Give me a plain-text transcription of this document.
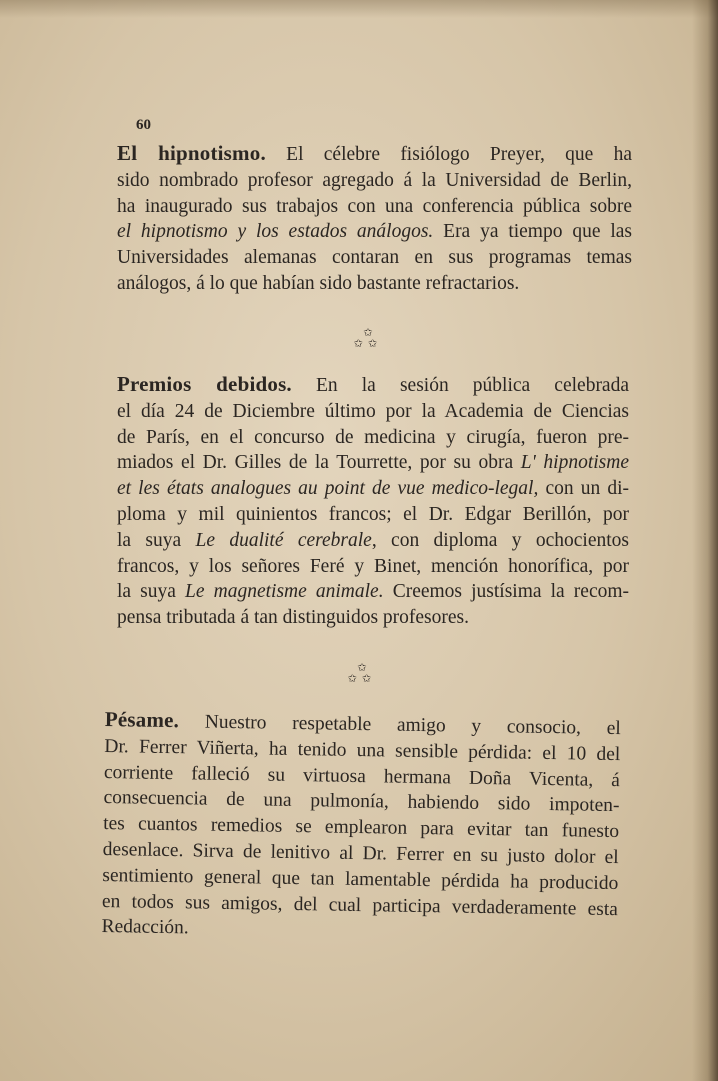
60
El hipnotismo. El célebre fisiólogo Preyer, que ha
sido nombrado profesor agregado á la Universidad de Berlin,
ha inaugurado sus trabajos con una conferencia pública sobre
el hipnotismo y los estados análogos. Era ya tiempo que las
Universidades alemanas contaran en sus programas temas
análogos, á lo que habían sido bastante refractarios.
✩
✩✩
Premios debidos. En la sesión pública celebrada
el día 24 de Diciembre último por la Academia de Ciencias
de París, en el concurso de medicina y cirugía, fueron pre-
miados el Dr. Gilles de la Tourrette, por su obra L' hipnotisme
et les états analogues au point de vue medico-legal, con un di-
ploma y mil quinientos francos; el Dr. Edgar Berillón, por
la suya Le dualité cerebrale, con diploma y ochocientos
francos, y los señores Feré y Binet, mención honorífica, por
la suya Le magnetisme animale. Creemos justísima la recom-
pensa tributada á tan distinguidos profesores.
✩
✩✩
Pésame. Nuestro respetable amigo y consocio, el
Dr. Ferrer Viñerta, ha tenido una sensible pérdida: el 10 del
corriente falleció su virtuosa hermana Doña Vicenta, á
consecuencia de una pulmonía, habiendo sido impoten-
tes cuantos remedios se emplearon para evitar tan funesto
desenlace. Sirva de lenitivo al Dr. Ferrer en su justo dolor el
sentimiento general que tan lamentable pérdida ha producido
en todos sus amigos, del cual participa verdaderamente esta
Redacción.
